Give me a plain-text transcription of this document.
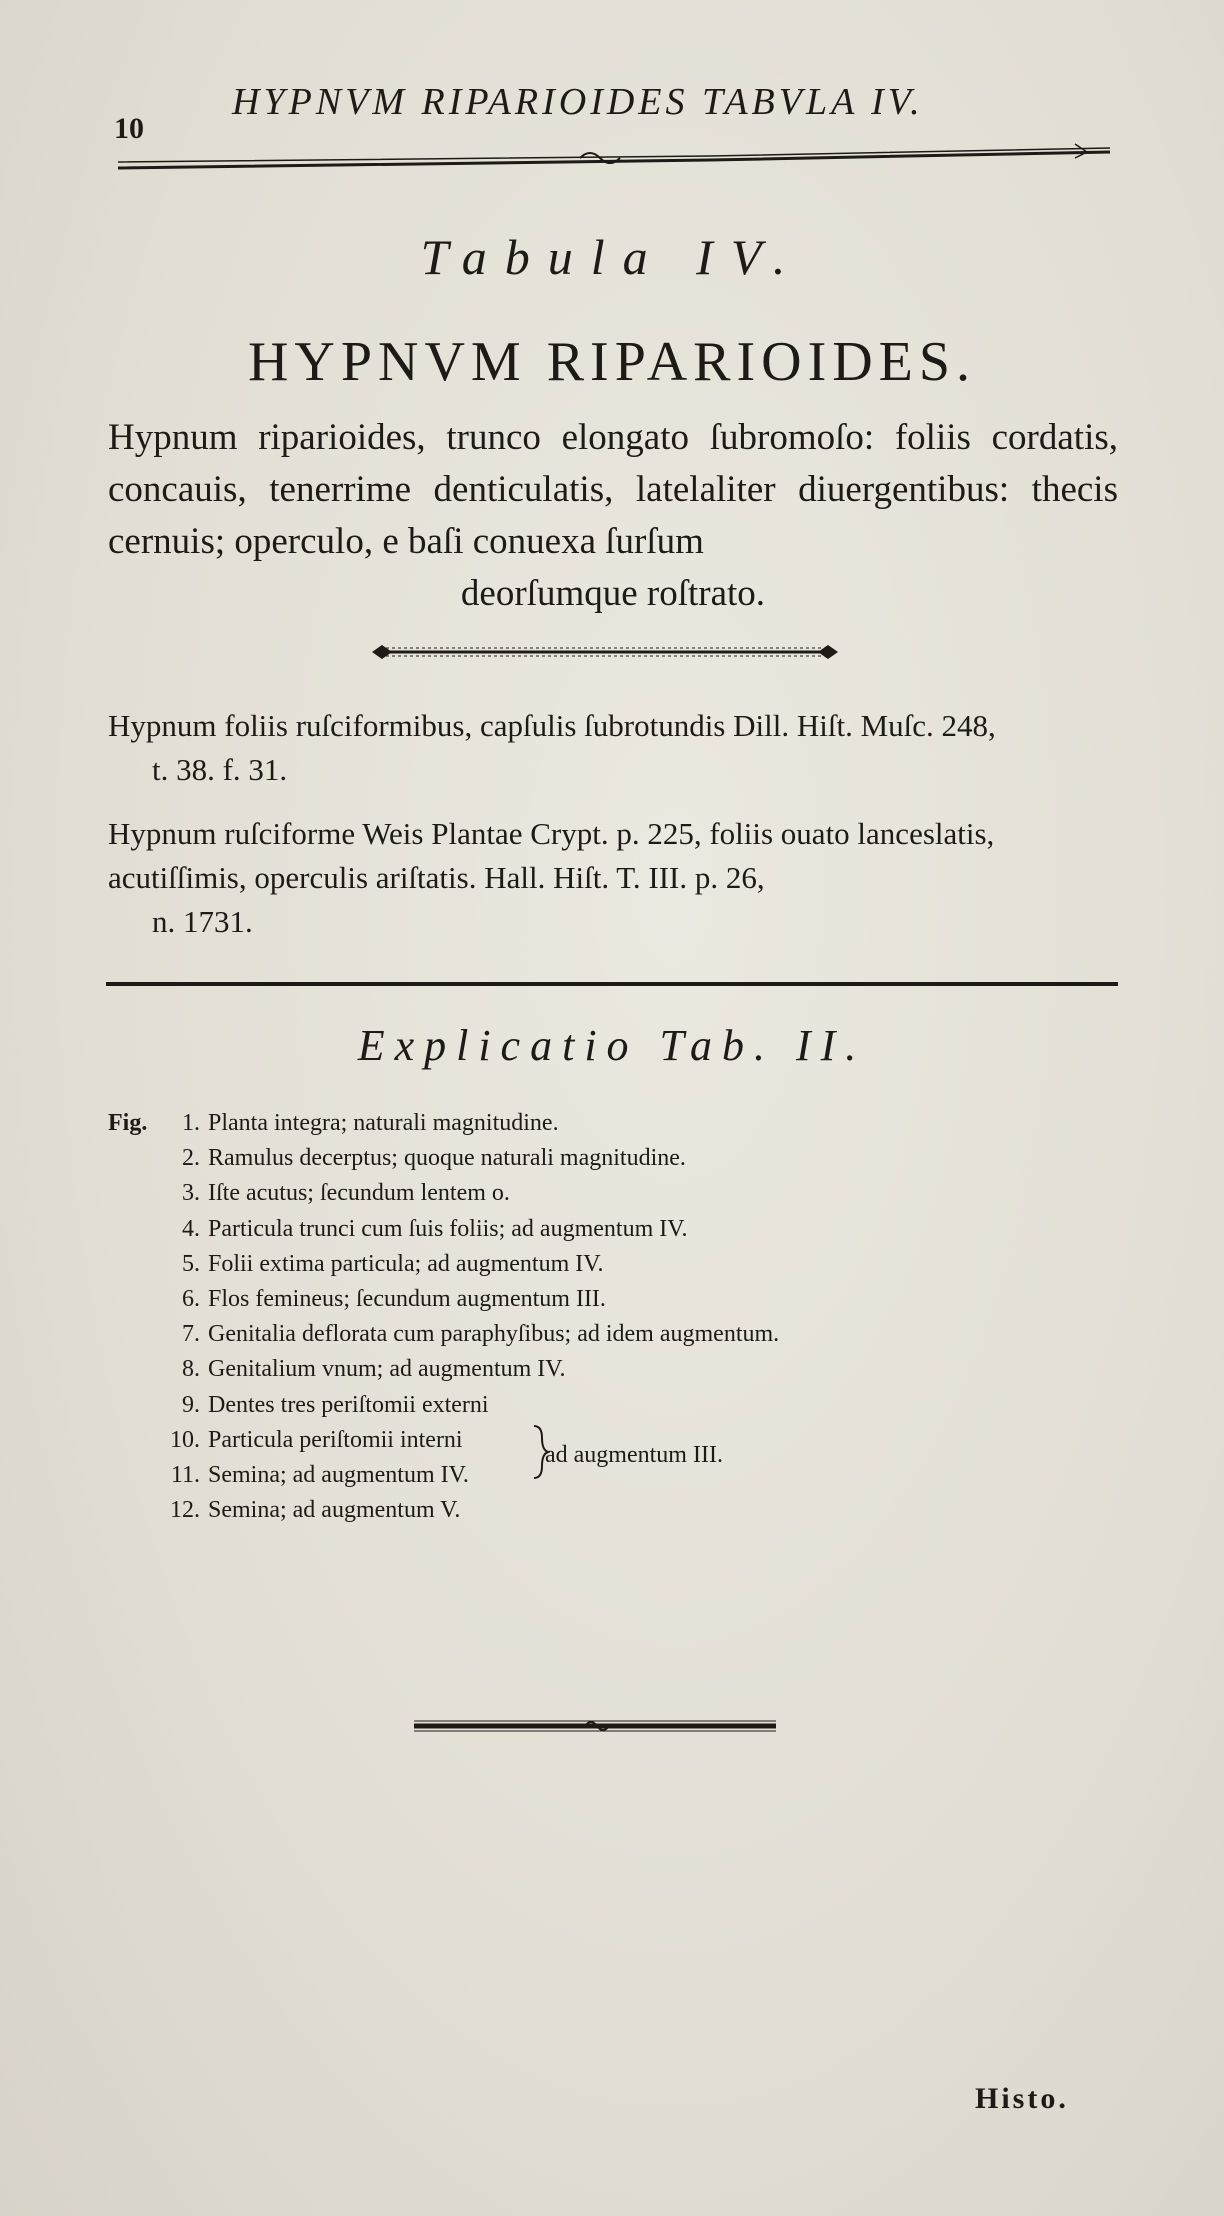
10
HYPNVM RIPARIOIDES TABVLA IV.
Tabula IV.
HYPNVM RIPARIOIDES.
Hypnum riparioides, trunco elongato ſubromoſo: foliis cordatis, concauis, tenerrime denticulatis, latelaliter diuergentibus: thecis cernuis; operculo, e baſi conuexa ſurſum
deorſumque roſtrato.
Hypnum foliis ruſciformibus, capſulis ſubrotundis Dill. Hiſt. Muſc. 248,
t. 38. f. 31.
Hypnum ruſciforme Weis Plantae Crypt. p. 225, foliis ouato lanceslatis, acutiſſimis, operculis ariſtatis. Hall. Hiſt. T. III. p. 26,
n. 1731.
Explicatio Tab. II.
Fig.	1. Planta integra; naturali magnitudine.
2. Ramulus decerptus; quoque naturali magnitudine.
3. Iſte acutus; ſecundum lentem o.
4. Particula trunci cum ſuis foliis; ad augmentum IV.
5. Folii extima particula; ad augmentum IV.
6. Flos femineus; ſecundum augmentum III.
7. Genitalia deflorata cum paraphyſibus; ad idem augmentum.
8. Genitalium vnum; ad augmentum IV.
9. Dentes tres periſtomii externi
10. Particula periſtomii interni
11. Semina; ad augmentum IV.
12. Semina; ad augmentum V.
ad augmentum III.
Histo.
